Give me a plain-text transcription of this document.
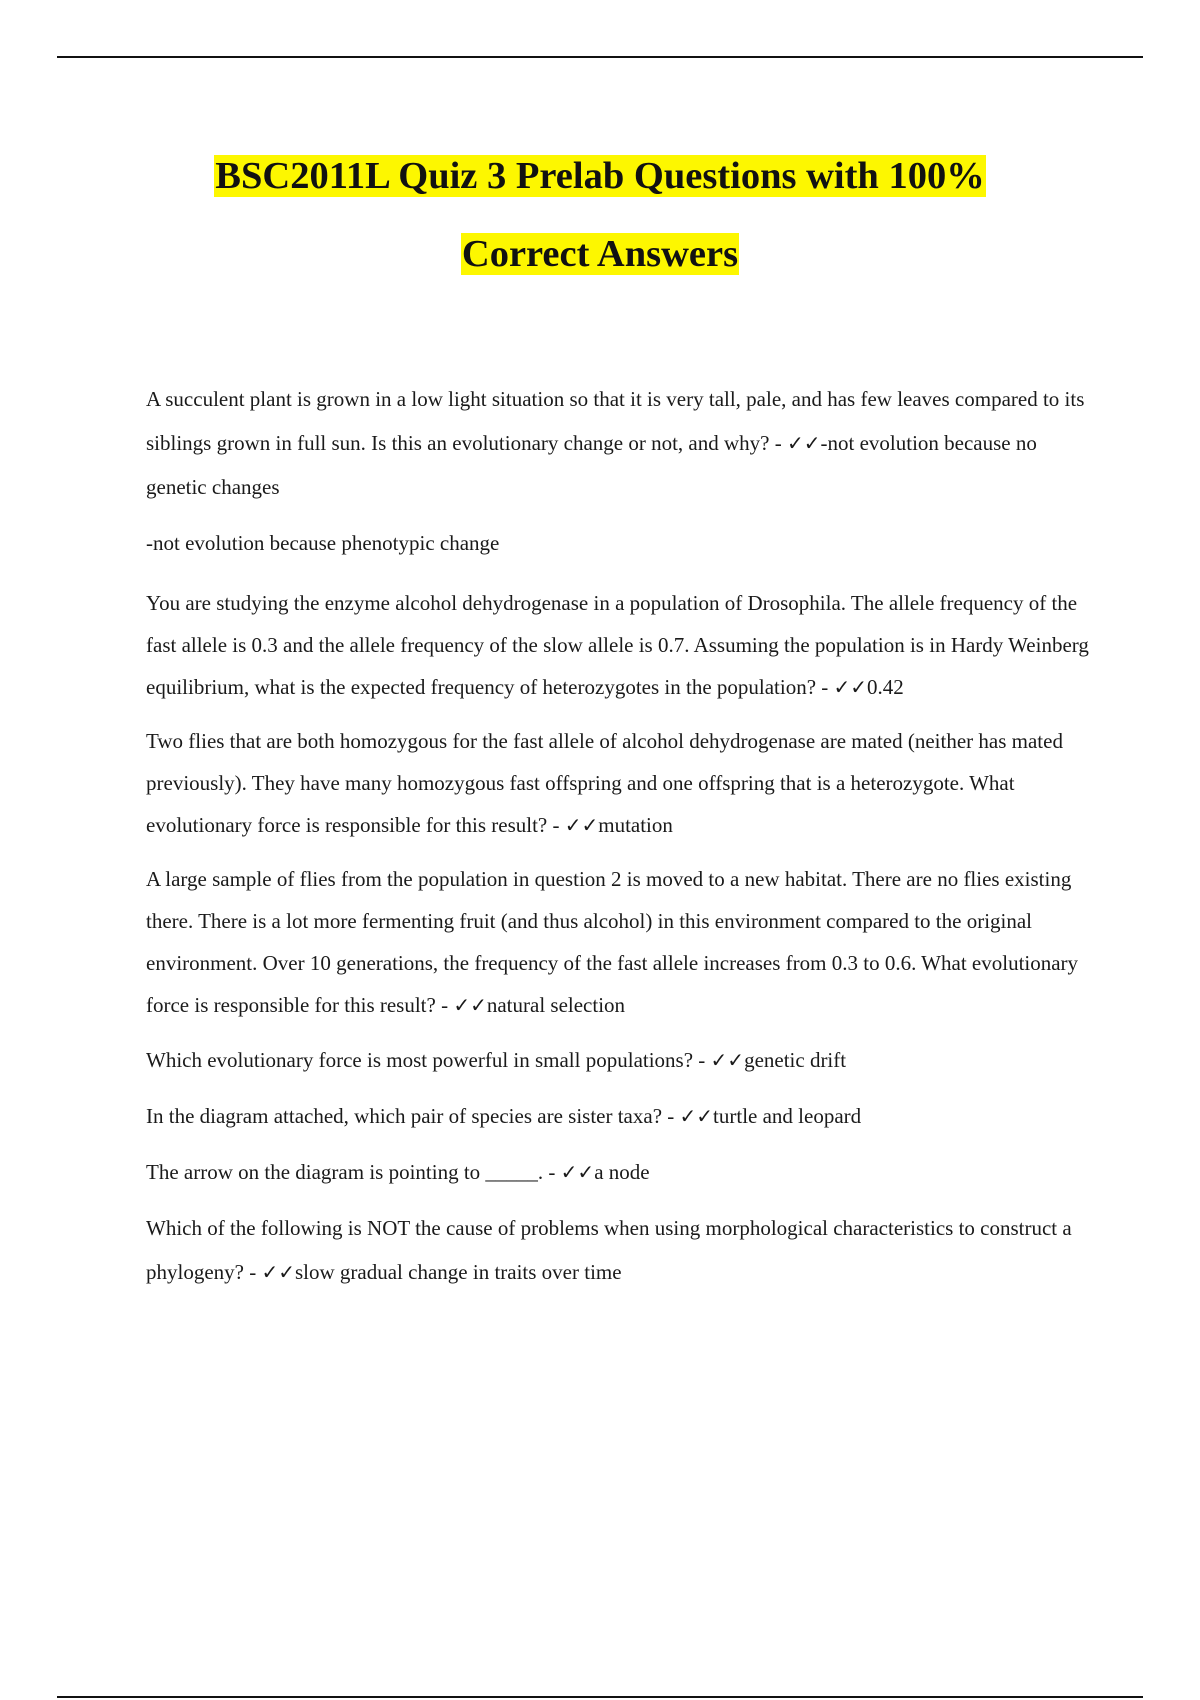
BSC2011L Quiz 3 Prelab Questions with 100%
Correct Answers

A succulent plant is grown in a low light situation so that it is very tall, pale, and has few leaves compared to its siblings grown in full sun. Is this an evolutionary change or not, and why? - ✓✓-not evolution because no genetic changes

-not evolution because phenotypic change

You are studying the enzyme alcohol dehydrogenase in a population of Drosophila. The allele frequency of the fast allele is 0.3 and the allele frequency of the slow allele is 0.7. Assuming the population is in Hardy Weinberg equilibrium, what is the expected frequency of heterozygotes in the population? - ✓✓0.42

Two flies that are both homozygous for the fast allele of alcohol dehydrogenase are mated (neither has mated previously). They have many homozygous fast offspring and one offspring that is a heterozygote. What evolutionary force is responsible for this result? - ✓✓mutation

A large sample of flies from the population in question 2 is moved to a new habitat. There are no flies existing there. There is a lot more fermenting fruit (and thus alcohol) in this environment compared to the original environment. Over 10 generations, the frequency of the fast allele increases from 0.3 to 0.6. What evolutionary force is responsible for this result? - ✓✓natural selection

Which evolutionary force is most powerful in small populations? - ✓✓genetic drift

In the diagram attached, which pair of species are sister taxa? - ✓✓turtle and leopard

The arrow on the diagram is pointing to _____. - ✓✓a node

Which of the following is NOT the cause of problems when using morphological characteristics to construct a phylogeny? - ✓✓slow gradual change in traits over time
